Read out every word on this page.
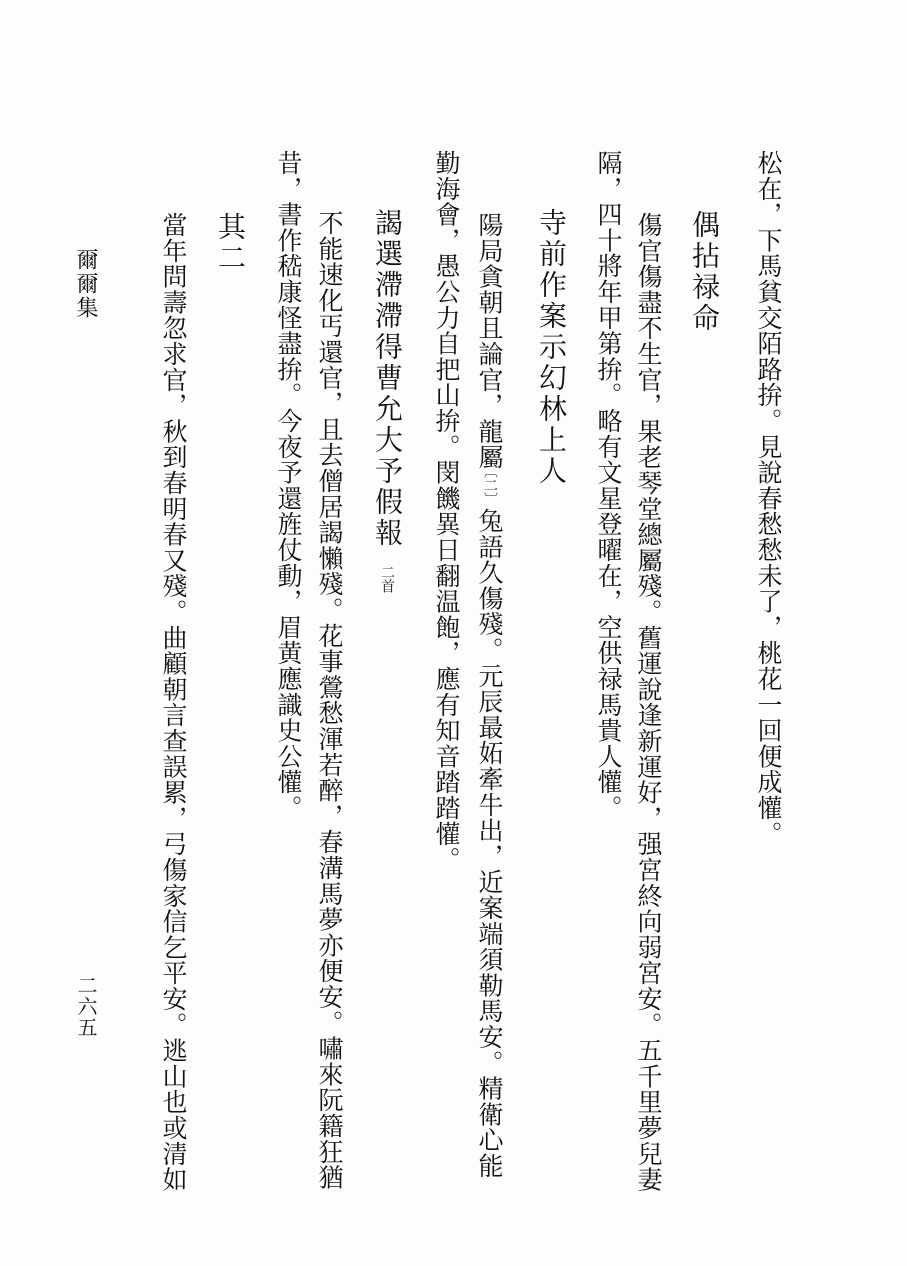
松在，下馬貧交陌路拚。見說春愁愁未了，桃花一回便成懽。
偶拈禄命
傷官傷盡不生官，果老琴堂總屬殘。舊運說逢新運好，强宮終向弱宮安。五千里夢兒妻
隔，四十將年甲第拚。略有文星登曜在，空供禄馬貴人懽。
寺前作案示幻林上人
陽局貪朝且論官，龍屬
〔二〕
兔語久傷殘。元辰最妬牽牛出，近案端須勒馬安。精衛心能
勤海會，愚公力自把山拚。閔饑異日翻温飽，應有知音踏踏懽。
謁選滯滯得曹允大予假報
二首
不能速化丐還官，且去僧居謁懶殘。花事鶯愁渾若醉，春溝馬夢亦便安。嘯來阮籍狂猶
昔，書作嵇康怪盡拚。今夜予還旌仗動，眉黄應識史公懽。
其二
當年問壽忽求官，秋到春明春又殘。曲顧朝言查誤累，弓傷家信乞平安。逃山也或清如
爾爾集
二六五
